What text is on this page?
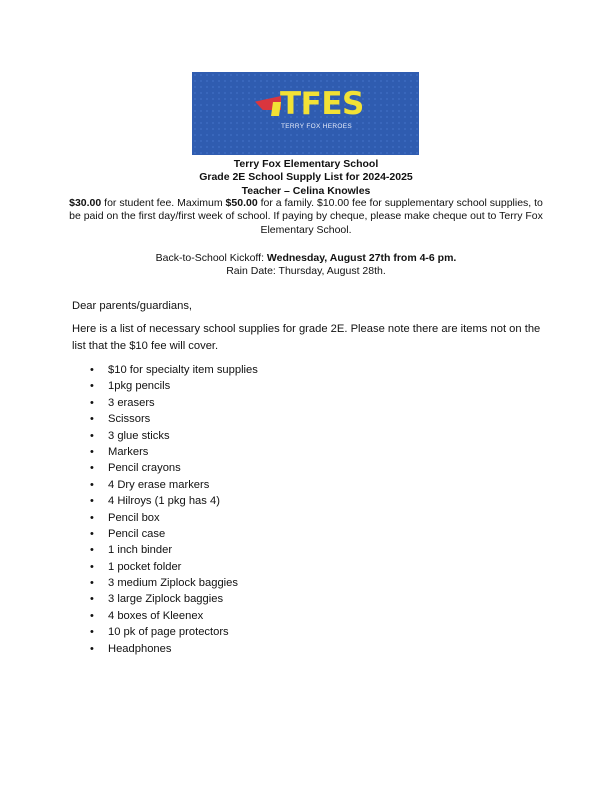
TFES
TERRY FOX HEROES
Terry Fox Elementary School
Grade 2E School Supply List for 2024-2025
Teacher – Celina Knowles
$30.00 for student fee. Maximum $50.00 for a family. $10.00 fee for supplementary school supplies, to be paid on the first day/first week of school. If paying by cheque, please make cheque out to Terry Fox Elementary School.
Back-to-School Kickoff: Wednesday, August 27th from 4-6 pm.
Rain Date: Thursday, August 28th.
Dear parents/guardians,
Here is a list of necessary school supplies for grade 2E. Please note there are items not on the list that the $10 fee will cover.
• $10 for specialty item supplies
• 1pkg pencils
• 3 erasers
• Scissors
• 3 glue sticks
• Markers
• Pencil crayons
• 4 Dry erase markers
• 4 Hilroys (1 pkg has 4)
• Pencil box
• Pencil case
• 1 inch binder
• 1 pocket folder
• 3 medium Ziplock baggies
• 3 large Ziplock baggies
• 4 boxes of Kleenex
• 10 pk of page protectors
• Headphones
